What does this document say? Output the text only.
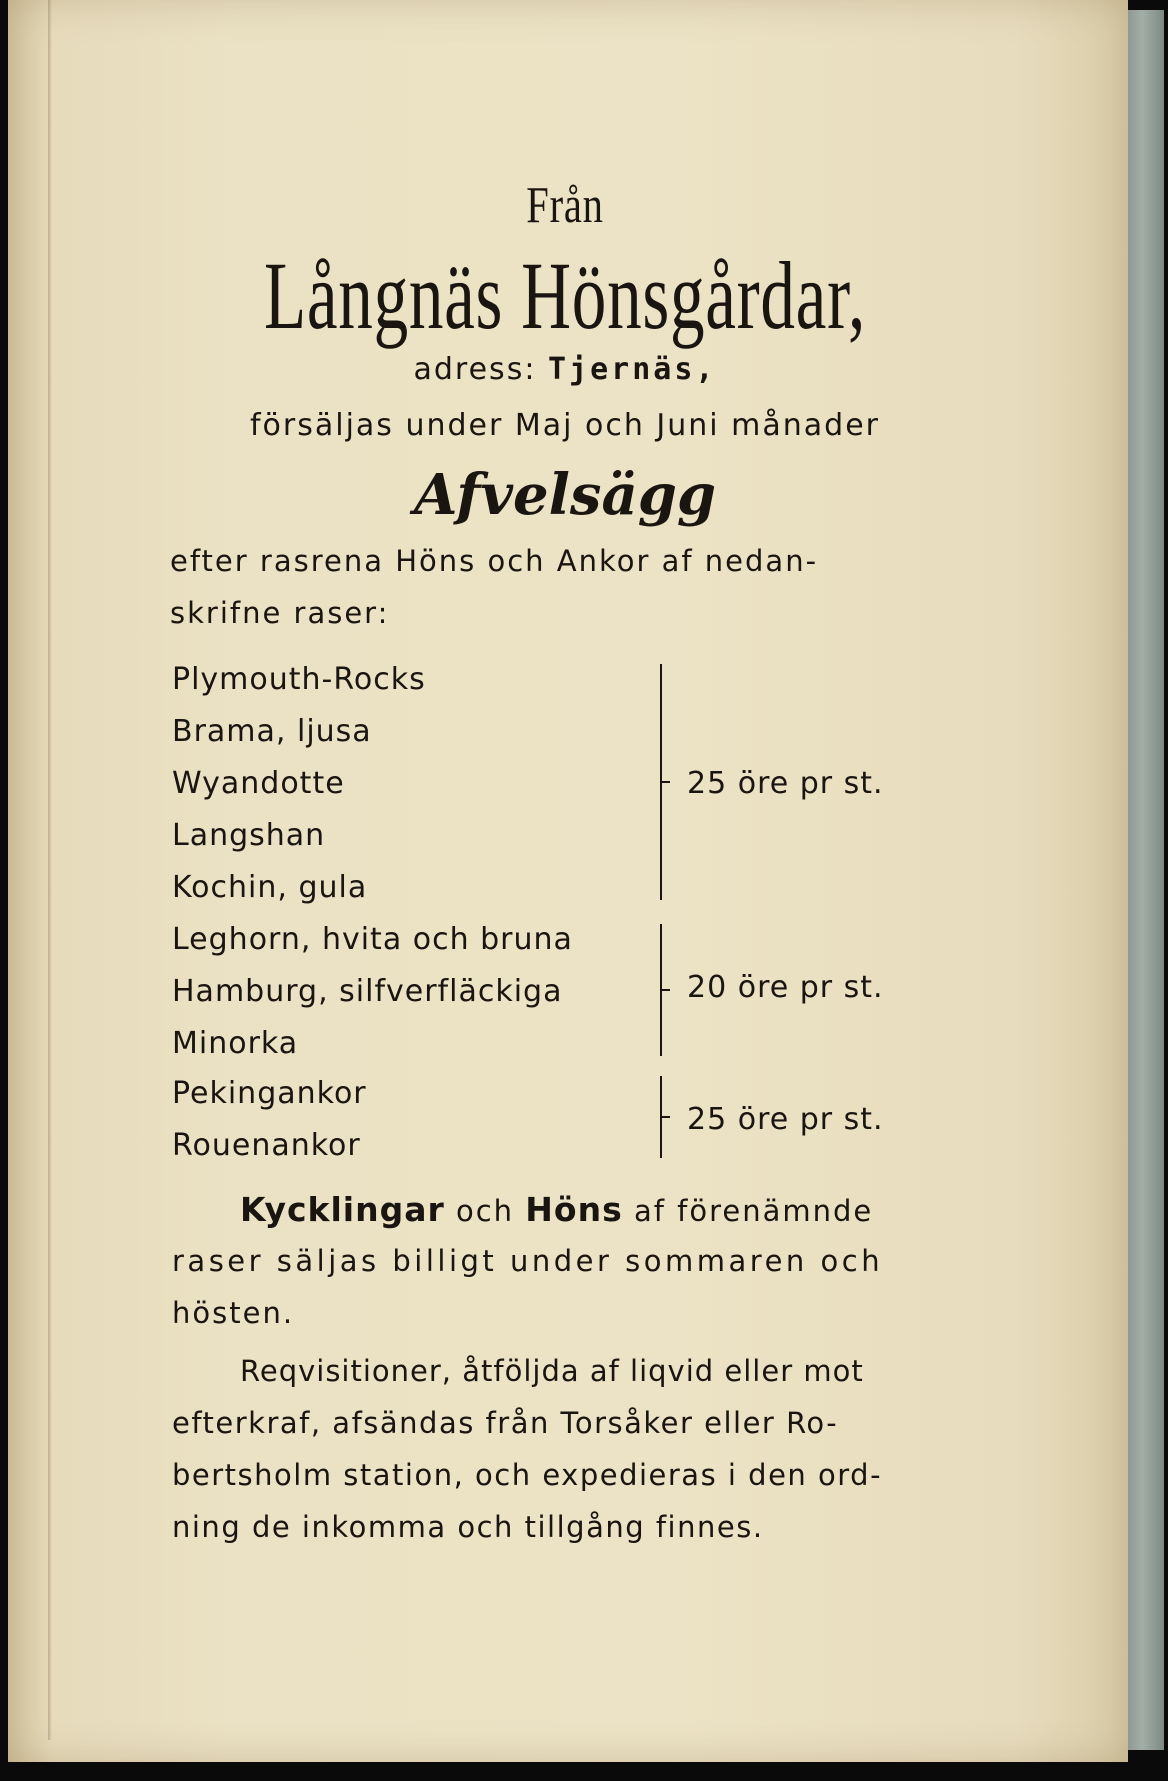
Från
Långnäs Hönsgårdar,
adress: Tjernäs,
försäljas under Maj och Juni månader
Afvelsägg
efter rasrena Höns och Ankor af nedan-
skrifne raser:
Plymouth-Rocks
Brama, ljusa
Wyandotte
Langshan
Kochin, gula
25 öre pr st.
Leghorn, hvita och bruna
Hamburg, silfverfläckiga
Minorka
20 öre pr st.
Pekingankor
Rouenankor
25 öre pr st.
Kycklingar och Höns af förenämnde
raser säljas billigt under sommaren och
hösten.
Reqvisitioner, åtföljda af liqvid eller mot
efterkraf, afsändas från Torsåker eller Ro-
bertsholm station, och expedieras i den ord-
ning de inkomma och tillgång finnes.
